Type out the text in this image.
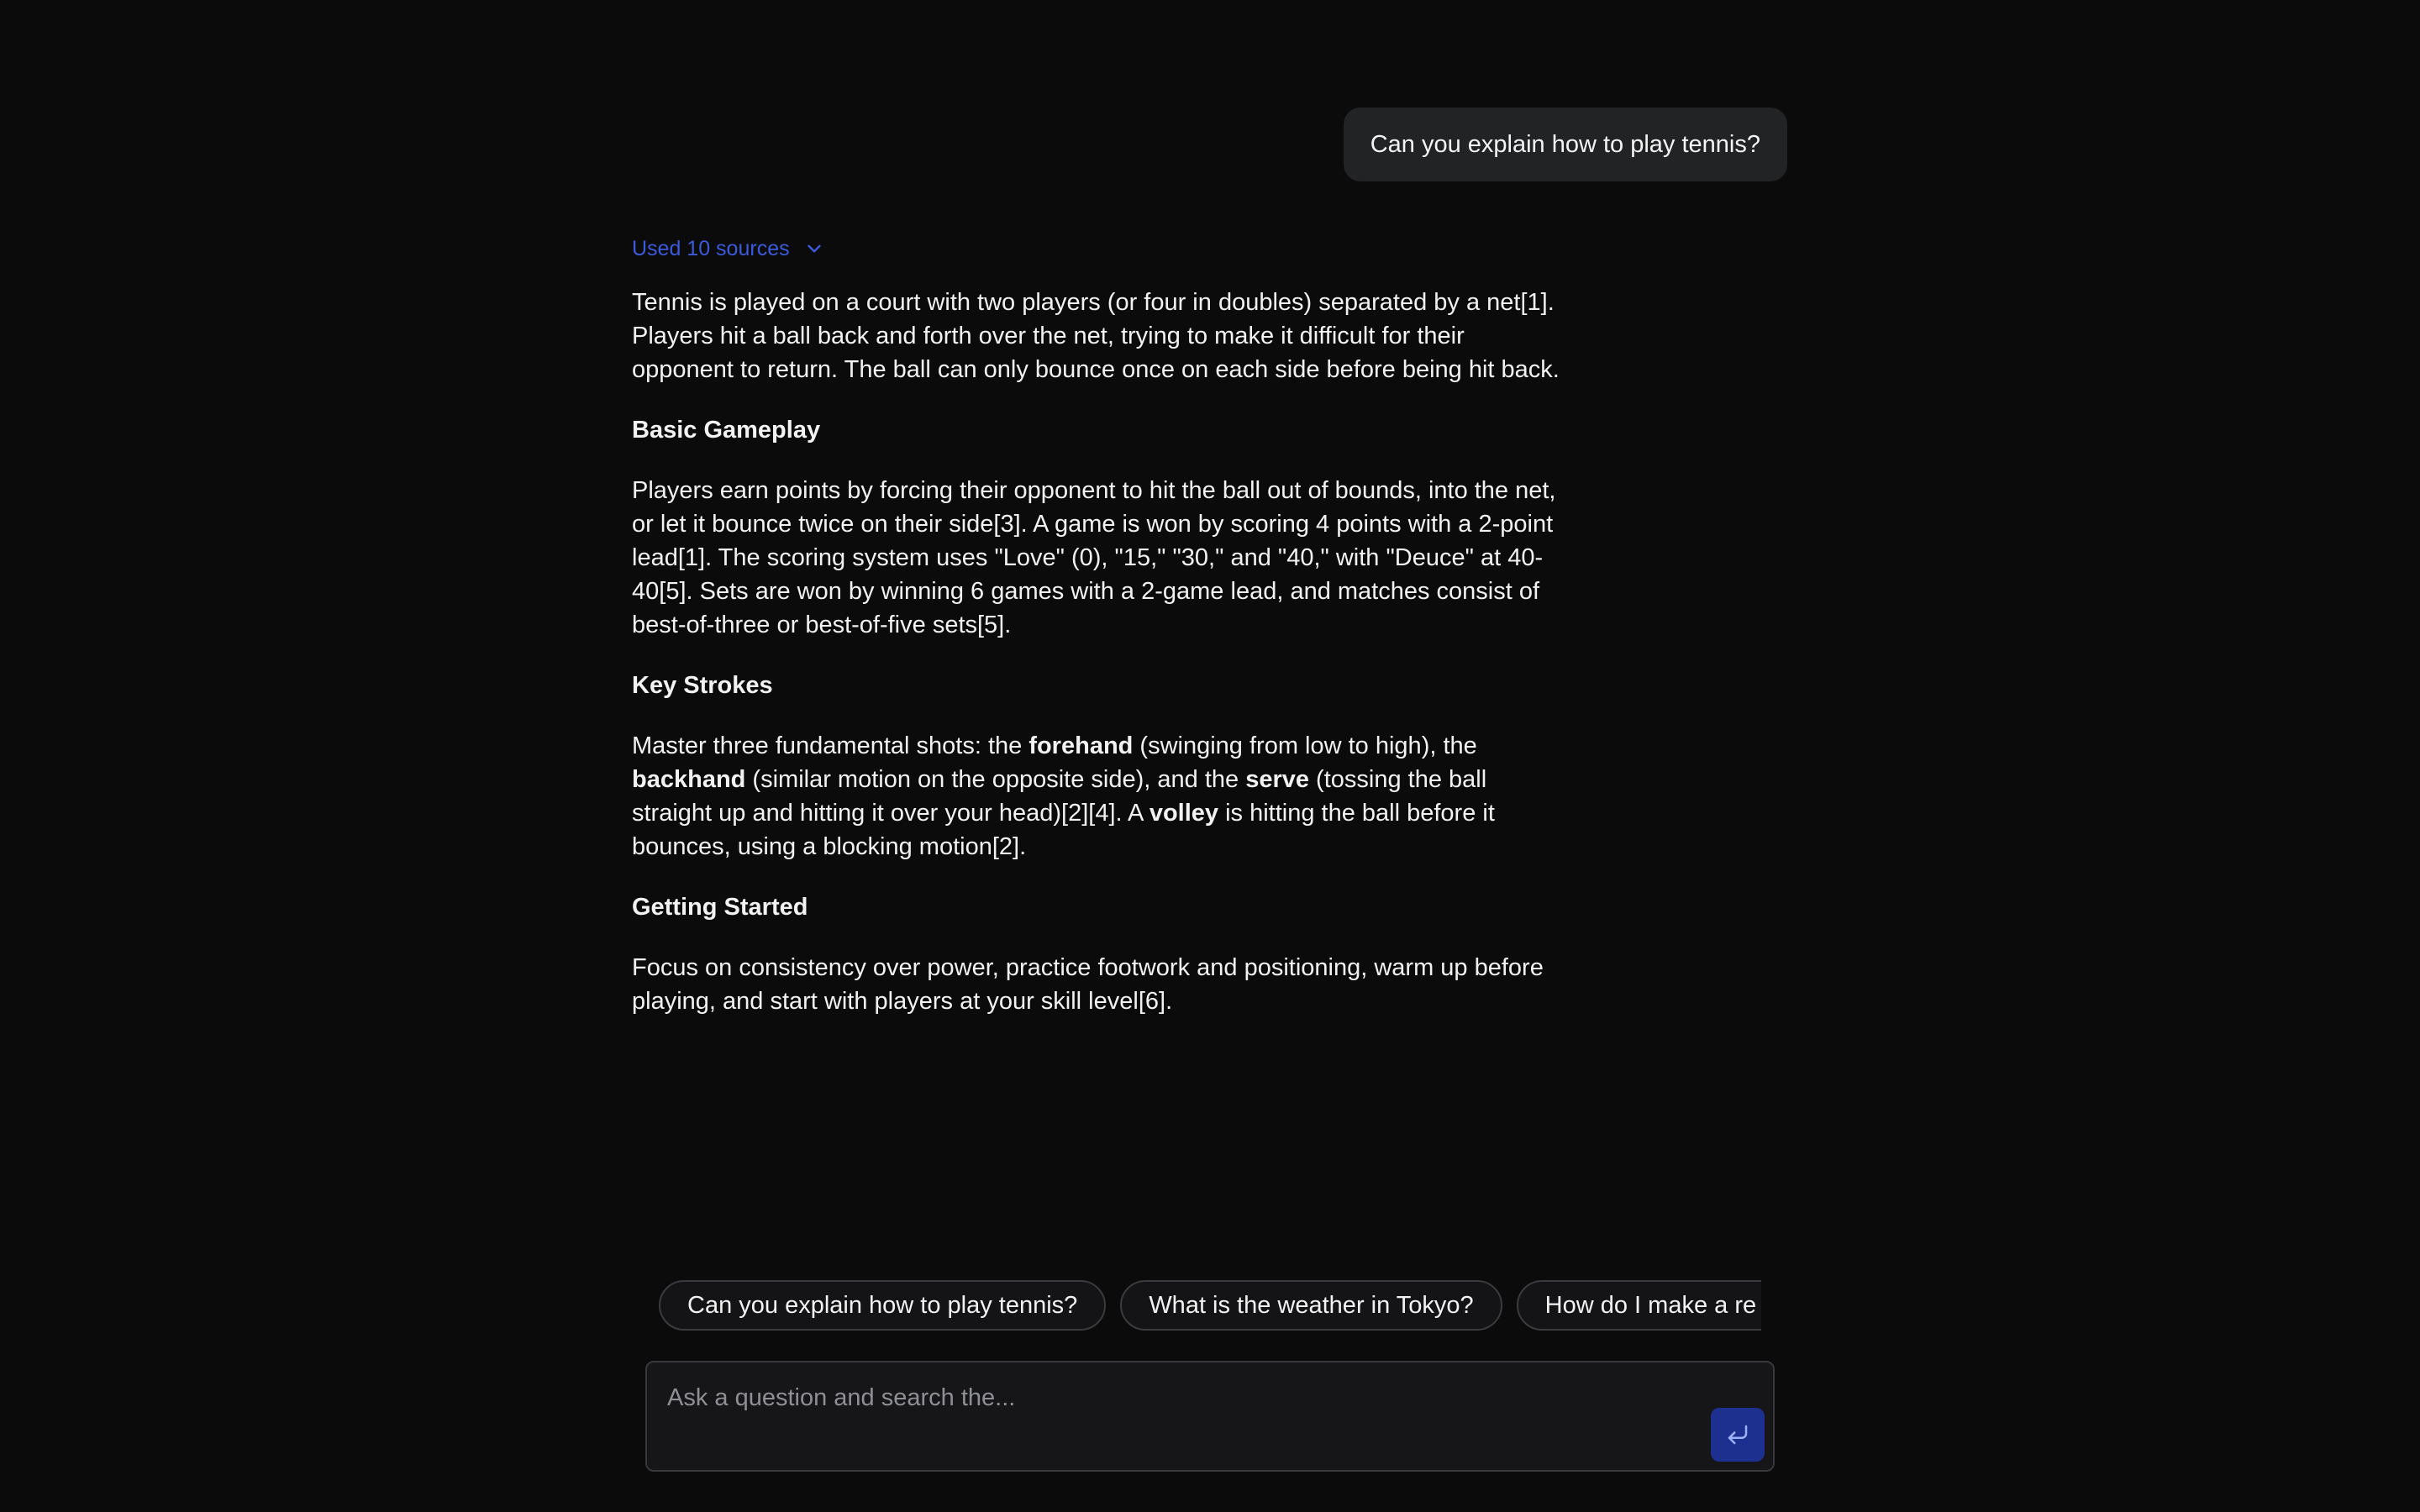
Can you explain how to play tennis?
Used 10 sources

Tennis is played on a court with two players (or four in doubles) separated by a net[1]. Players hit a ball back and forth over the net, trying to make it difficult for their opponent to return. The ball can only bounce once on each side before being hit back.

Basic Gameplay

Players earn points by forcing their opponent to hit the ball out of bounds, into the net, or let it bounce twice on their side[3]. A game is won by scoring 4 points with a 2-point lead[1]. The scoring system uses "Love" (0), "15," "30," and "40," with "Deuce" at 40-40[5]. Sets are won by winning 6 games with a 2-game lead, and matches consist of best-of-three or best-of-five sets[5].

Key Strokes

Master three fundamental shots: the forehand (swinging from low to high), the backhand (similar motion on the opposite side), and the serve (tossing the ball straight up and hitting it over your head)[2][4]. A volley is hitting the ball before it bounces, using a blocking motion[2].

Getting Started

Focus on consistency over power, practice footwork and positioning, warm up before playing, and start with players at your skill level[6].

Can you explain how to play tennis?	What is the weather in Tokyo?	How do I make a re
Ask a question and search the...
